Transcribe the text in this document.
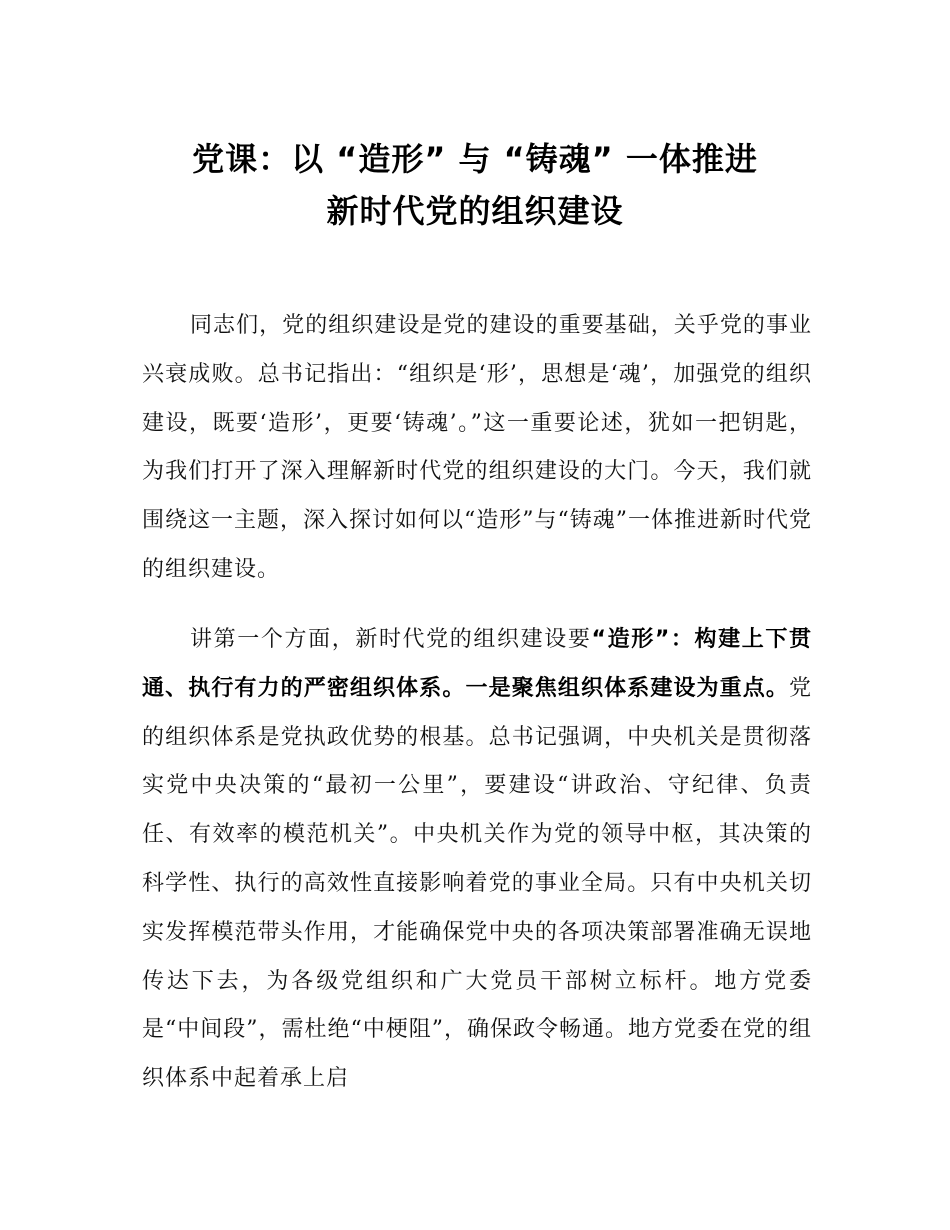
党课：以 “造形” 与 “铸魂” 一体推进
新时代党的组织建设

同志们，党的组织建设是党的建设的重要基础，关乎党的事业兴衰成败。总书记指出：“组织是‘形’，思想是‘魂’，加强党的组织建设，既要‘造形’，更要‘铸魂’。”这一重要论述，犹如一把钥匙，为我们打开了深入理解新时代党的组织建设的大门。今天，我们就围绕这一主题，深入探讨如何以“造形”与“铸魂”一体推进新时代党的组织建设。

讲第一个方面，新时代党的组织建设要“造形”：构建上下贯通、执行有力的严密组织体系。一是聚焦组织体系建设为重点。党的组织体系是党执政优势的根基。总书记强调，中央机关是贯彻落实党中央决策的“最初一公里”，要建设“讲政治、守纪律、负责任、有效率的模范机关”。中央机关作为党的领导中枢，其决策的科学性、执行的高效性直接影响着党的事业全局。只有中央机关切实发挥模范带头作用，才能确保党中央的各项决策部署准确无误地传达下去，为各级党组织和广大党员干部树立标杆。地方党委是“中间段”，需杜绝“中梗阻”，确保政令畅通。地方党委在党的组织体系中起着承上启
